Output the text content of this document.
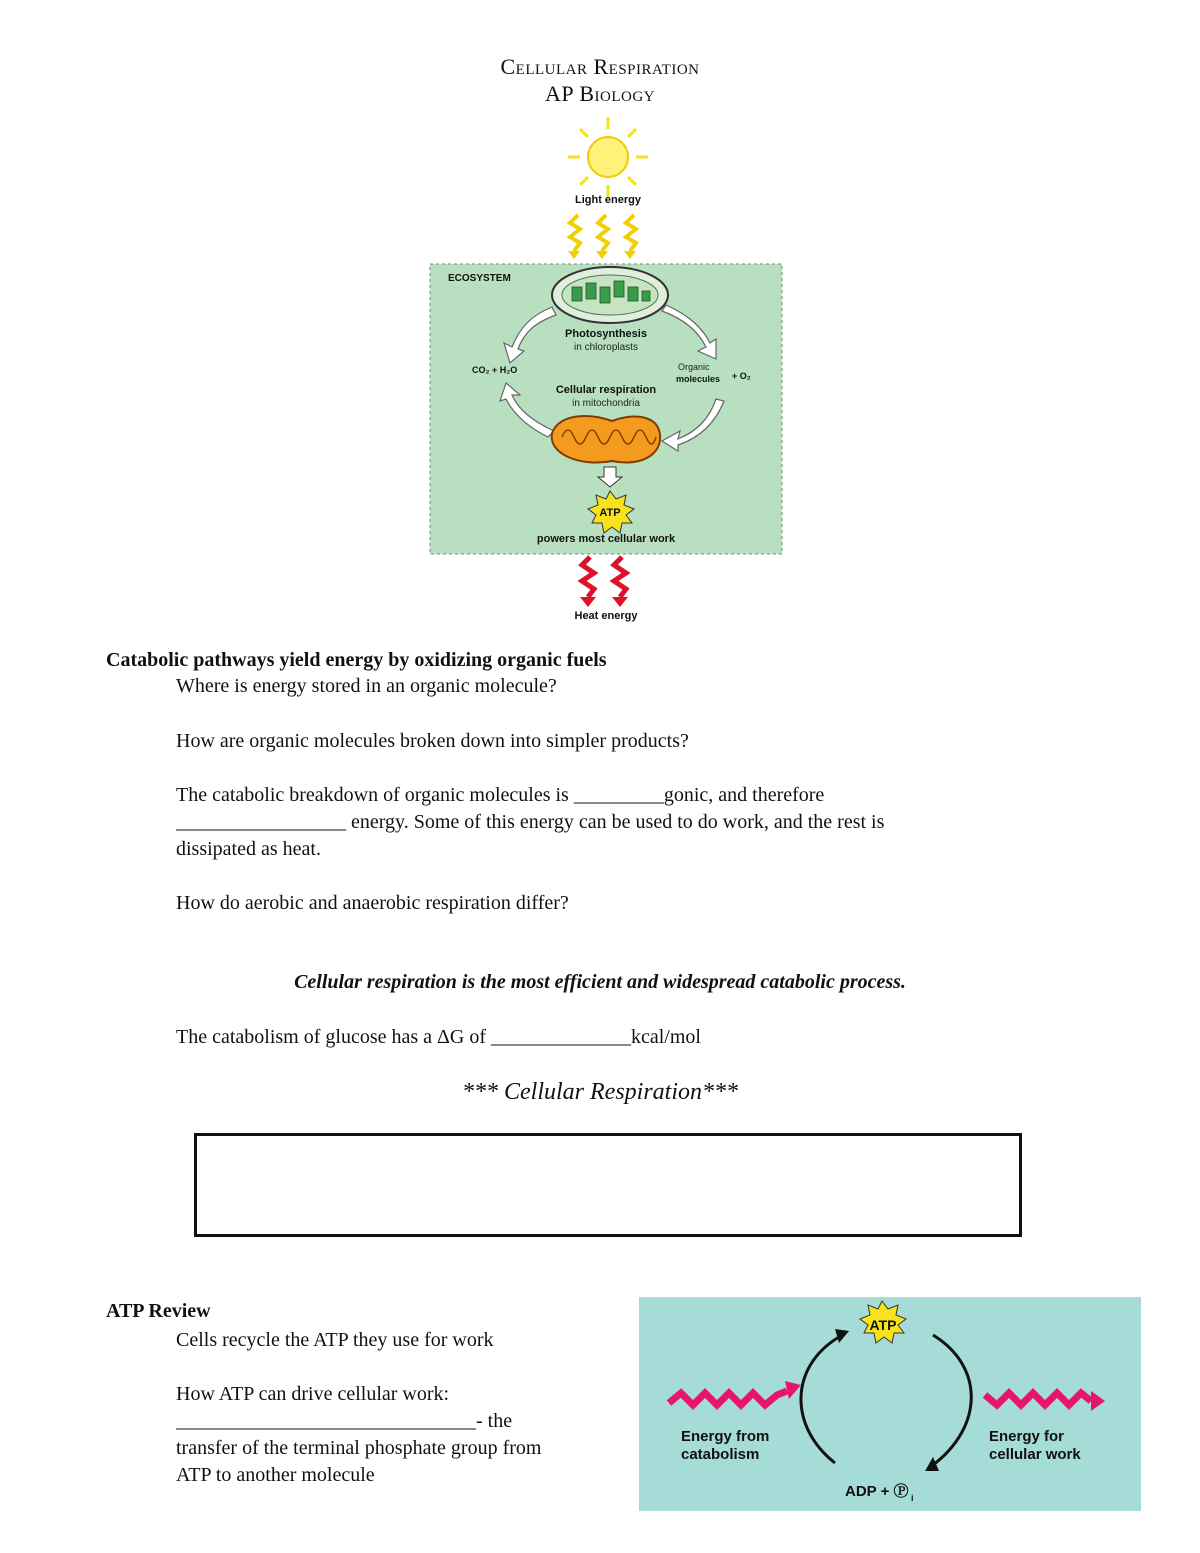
Cellular Respiration
AP Biology
Light energy
ECOSYSTEM
Photosynthesis
in chloroplasts
CO₂ + H₂O	Organic
molecules + O₂
Cellular respiration
in mitochondria
ATP
powers most cellular work
Heat energy
Catabolic pathways yield energy by oxidizing organic fuels
Where is energy stored in an organic molecule?
How are organic molecules broken down into simpler products?
The catabolic breakdown of organic molecules is _________gonic, and therefore
_________________ energy. Some of this energy can be used to do work, and the rest is
dissipated as heat.
How do aerobic and anaerobic respiration differ?
Cellular respiration is the most efficient and widespread catabolic process.
The catabolism of glucose has a ΔG of ______________kcal/mol
*** Cellular Respiration***
ATP Review
Cells recycle the ATP they use for work
How ATP can drive cellular work:
______________________________- the
transfer of the terminal phosphate group from
ATP to another molecule
ATP
Energy from
catabolism
Energy for
cellular work
ADP + Ⓟ i
